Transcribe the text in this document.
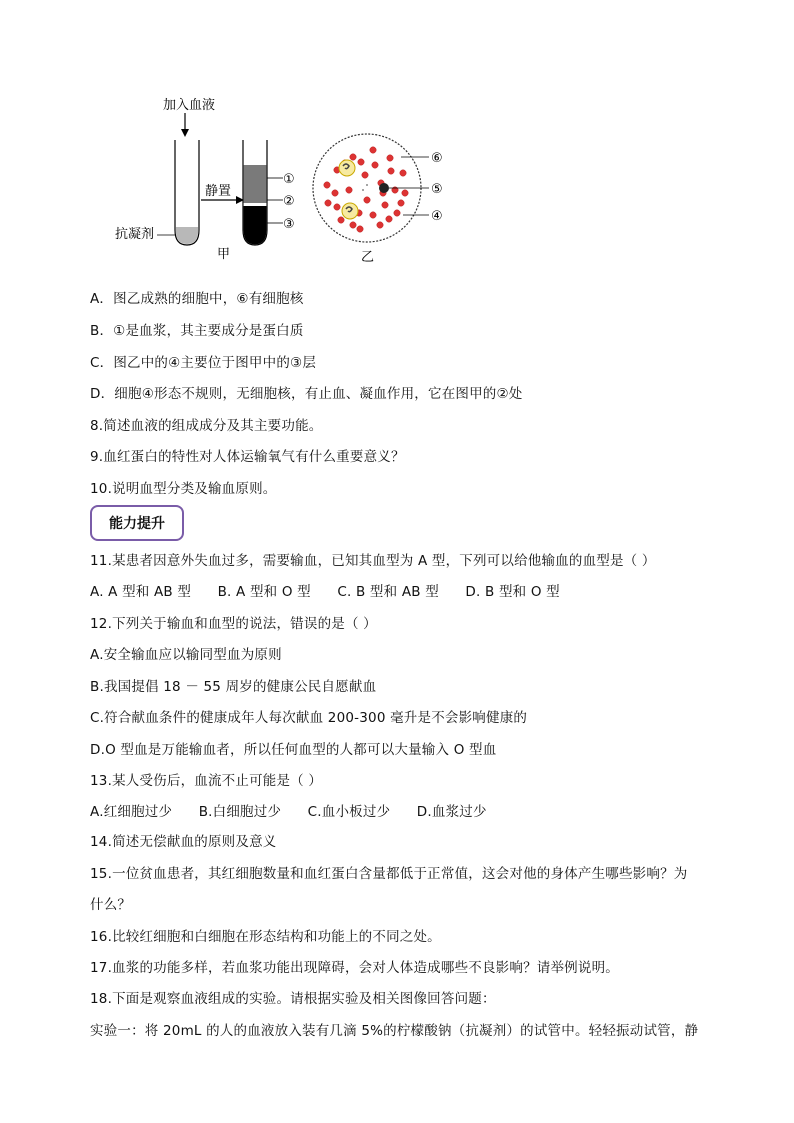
加入血液
抗凝剂
静置
①
②
③
甲
⑥
⑤
④
乙
A．图乙成熟的细胞中，⑥有细胞核
B．①是血浆，其主要成分是蛋白质
C．图乙中的④主要位于图甲中的③层
D．细胞④形态不规则，无细胞核，有止血、凝血作用，它在图甲的②处
8.简述血液的组成成分及其主要功能。
9.血红蛋白的特性对人体运输氧气有什么重要意义？
10.说明血型分类及输血原则。
能力提升
11.某患者因意外失血过多，需要输血，已知其血型为 A 型，下列可以给他输血的血型是（ ）
A. A 型和 AB 型 B. A 型和 O 型 C. B 型和 AB 型 D. B 型和 O 型
12.下列关于输血和血型的说法，错误的是（ ）
A.安全输血应以输同型血为原则
B.我国提倡 18 － 55 周岁的健康公民自愿献血
C.符合献血条件的健康成年人每次献血 200-300 毫升是不会影响健康的
D.O 型血是万能输血者，所以任何血型的人都可以大量输入 O 型血
13.某人受伤后，血流不止可能是（ ）
A.红细胞过少 B.白细胞过少 C.血小板过少 D.血浆过少
14.简述无偿献血的原则及意义
15.一位贫血患者，其红细胞数量和血红蛋白含量都低于正常值，这会对他的身体产生哪些影响？为
什么？
16.比较红细胞和白细胞在形态结构和功能上的不同之处。
17.血浆的功能多样，若血浆功能出现障碍，会对人体造成哪些不良影响？请举例说明。
18.下面是观察血液组成的实验。请根据实验及相关图像回答问题：
实验一：将 20mL 的人的血液放入装有几滴 5%的柠檬酸钠（抗凝剂）的试管中。轻轻振动试管，静
